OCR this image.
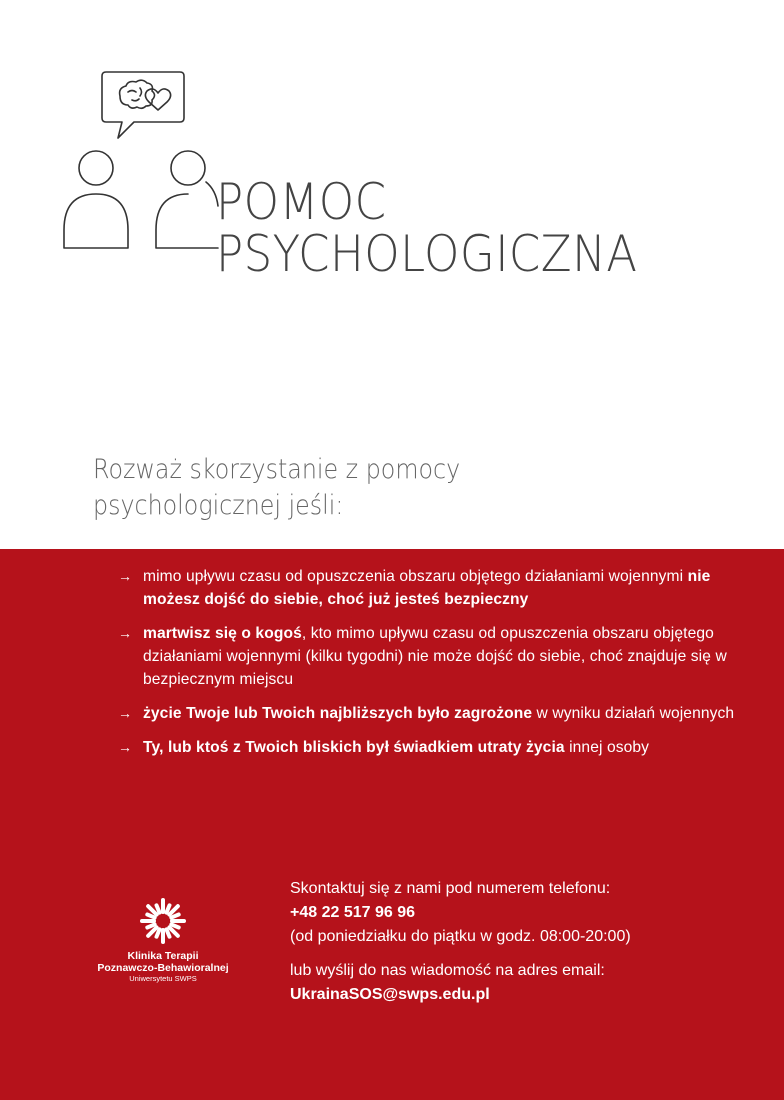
POMOC
PSYCHOLOGICZNA
Rozważ skorzystanie z pomocy
psychologicznej jeśli:
→ mimo upływu czasu od opuszczenia obszaru objętego działaniami wojennymi nie możesz dojść do siebie, choć już jesteś bezpieczny
→ martwisz się o kogoś, kto mimo upływu czasu od opuszczenia obszaru objętego działaniami wojennymi (kilku tygodni) nie może dojść do siebie, choć znajduje się w bezpiecznym miejscu
→ życie Twoje lub Twoich najbliższych było zagrożone w wyniku działań wojennych
→ Ty, lub ktoś z Twoich bliskich był świadkiem utraty życia innej osoby
Klinika Terapii
Poznawczo-Behawioralnej
Uniwersytetu SWPS
Skontaktuj się z nami pod numerem telefonu:
+48 22 517 96 96
(od poniedziałku do piątku w godz. 08:00-20:00)
lub wyślij do nas wiadomość na adres email:
UkrainaSOS@swps.edu.pl
